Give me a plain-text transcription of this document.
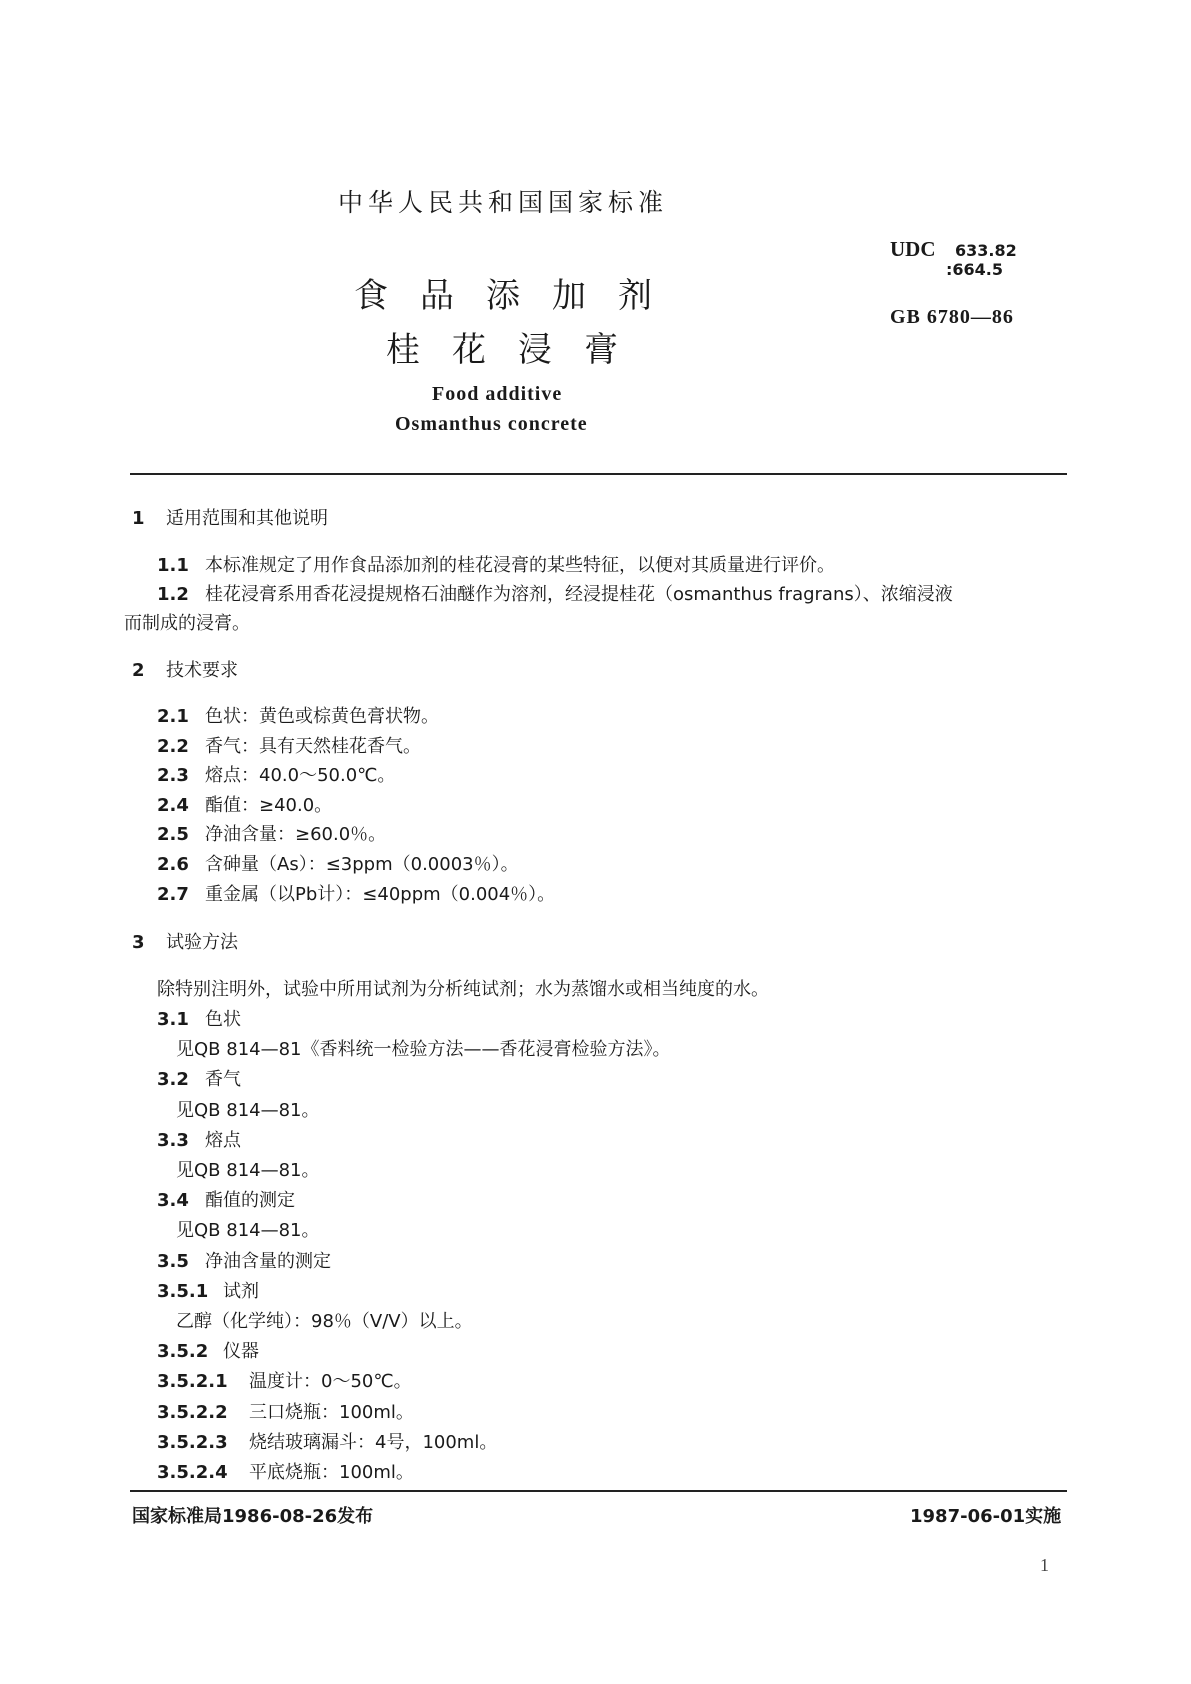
中华人民共和国国家标准
UDC 633.82
:664.5
GB 6780—86
食品添加剂
桂花浸膏
Food additive
Osmanthus concrete
1 适用范围和其他说明
1.1 本标准规定了用作食品添加剂的桂花浸膏的某些特征，以便对其质量进行评价。
1.2 桂花浸膏系用香花浸提规格石油醚作为溶剂，经浸提桂花（osmanthus fragrans）、浓缩浸液
而制成的浸膏。
2 技术要求
2.1 色状：黄色或棕黄色膏状物。
2.2 香气：具有天然桂花香气。
2.3 熔点：40.0～50.0℃。
2.4 酯值：≥40.0。
2.5 净油含量：≥60.0％。
2.6 含砷量（As）：≤3ppm（0.0003％）。
2.7 重金属（以Pb计）：≤40ppm（0.004％）。
3 试验方法
除特别注明外，试验中所用试剂为分析纯试剂；水为蒸馏水或相当纯度的水。
3.1 色状
见QB 814—81《香料统一检验方法——香花浸膏检验方法》。
3.2 香气
见QB 814—81。
3.3 熔点
见QB 814—81。
3.4 酯值的测定
见QB 814—81。
3.5 净油含量的测定
3.5.1 试剂
乙醇（化学纯）：98％（V/V）以上。
3.5.2 仪器
3.5.2.1 温度计：0～50℃。
3.5.2.2 三口烧瓶：100ml。
3.5.2.3 烧结玻璃漏斗：4号，100ml。
3.5.2.4 平底烧瓶：100ml。
国家标准局1986-08-26发布	1987-06-01实施
1
